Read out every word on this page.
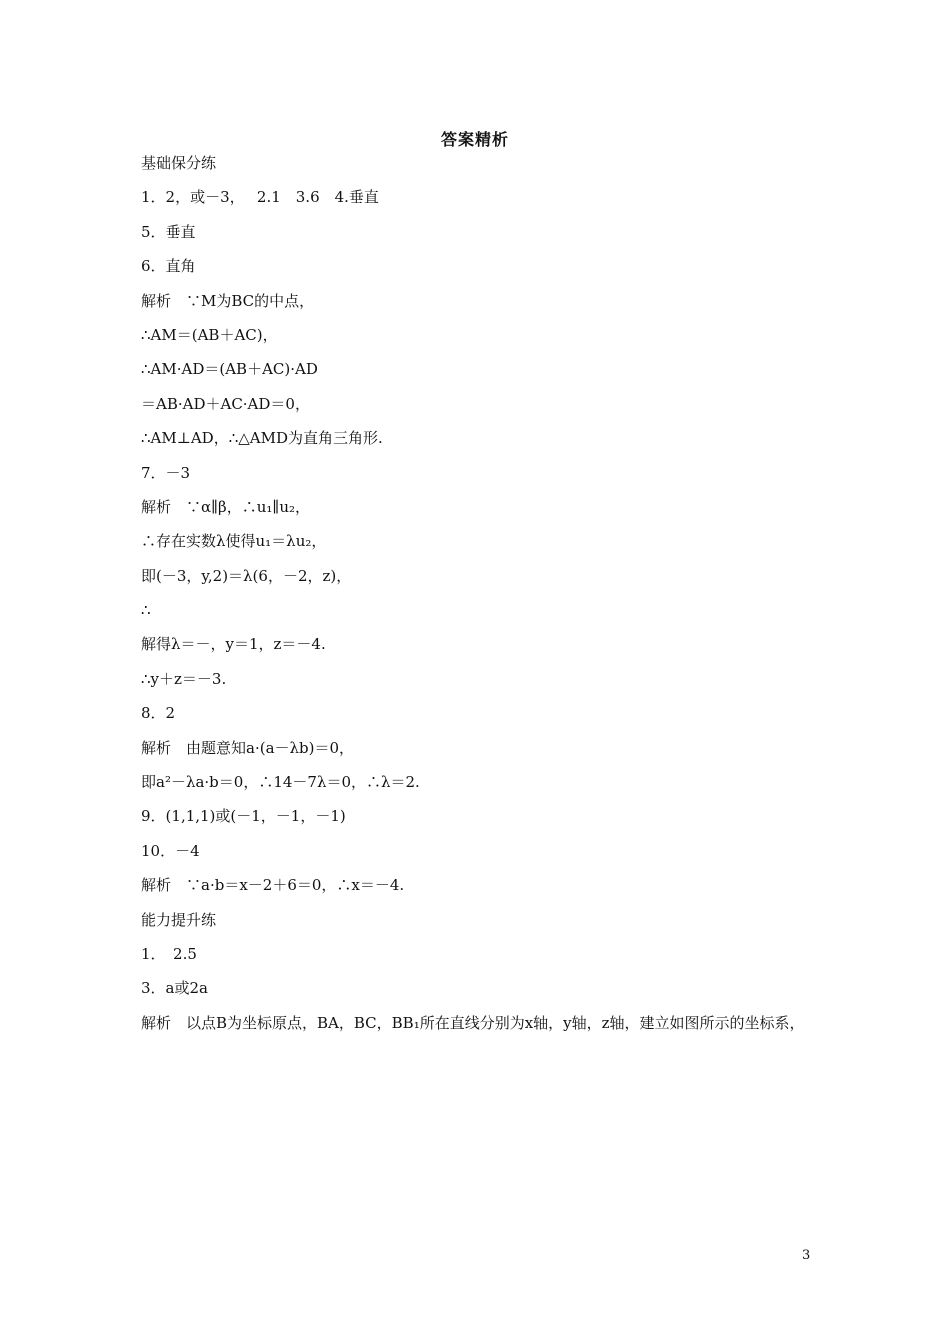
答案精析
基础保分练
1．2，或－3，　 2.1　3.6　4.垂直
5．垂直
6．直角
解析　∵M为BC的中点，
∴AM＝(AB＋AC)，
∴AM·AD＝(AB＋AC)·AD
＝AB·AD＋AC·AD＝0，
∴AM⊥AD，∴△AMD为直角三角形.
7．－3
解析　∵α∥β，∴u₁∥u₂，
∴存在实数λ使得u₁＝λu₂，
即(－3，y,2)＝λ(6，－2，z)，
∴
解得λ＝－，y＝1，z＝－4.
∴y＋z＝－3.
8．2
解析　由题意知a·(a－λb)＝0，
即a²－λa·b＝0，∴14－7λ＝0，∴λ＝2.
9．(1,1,1)或(－1，－1，－1)
10．－4
解析　∵a·b＝x－2＋6＝0，∴x＝－4.
能力提升练
1．　2.5
3．a或2a
解析　以点B为坐标原点，BA，BC，BB₁所在直线分别为x轴，y轴，z轴，建立如图所示的坐标系，
3
